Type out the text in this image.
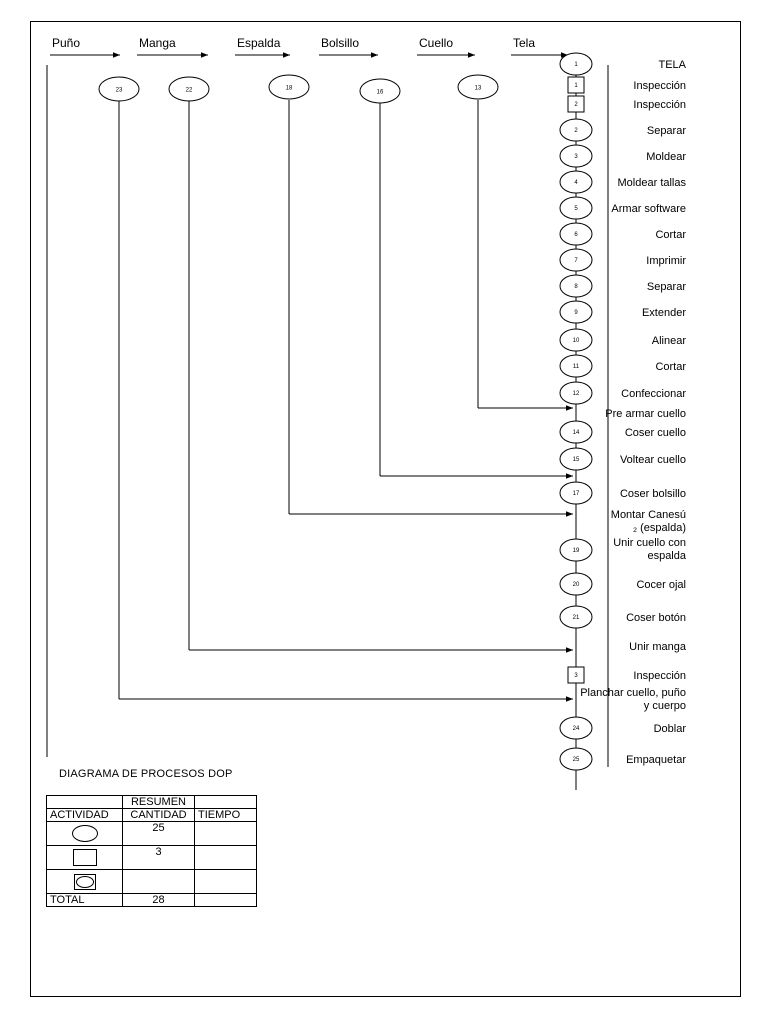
23	22	18
16
13
1
1
2
2
3
4
5
6
7
8
9
10
11
12
14
15
17
19
20
21
3
24
25
Puño	Manga	Espalda	Bolsillo	Cuello	Tela
TELA
Inspección
Inspección
Separar
Moldear
Moldear tallas
Armar software
Cortar
Imprimir
Separar
Extender
Alinear
Cortar
Confeccionar
Pre armar cuello
Coser cuello
Voltear cuello
Coser bolsillo
Montar Canesú
₂ (espalda)
Unir cuello con
espalda
Cocer ojal
Coser botón
Unir manga
Inspección
Planchar cuello, puño
y cuerpo
Doblar
Empaquetar
DIAGRAMA DE PROCESOS DOP
	RESUMEN	
ACTIVIDAD	CANTIDAD	TIEMPO

	25	

	3	

TOTAL	28	
